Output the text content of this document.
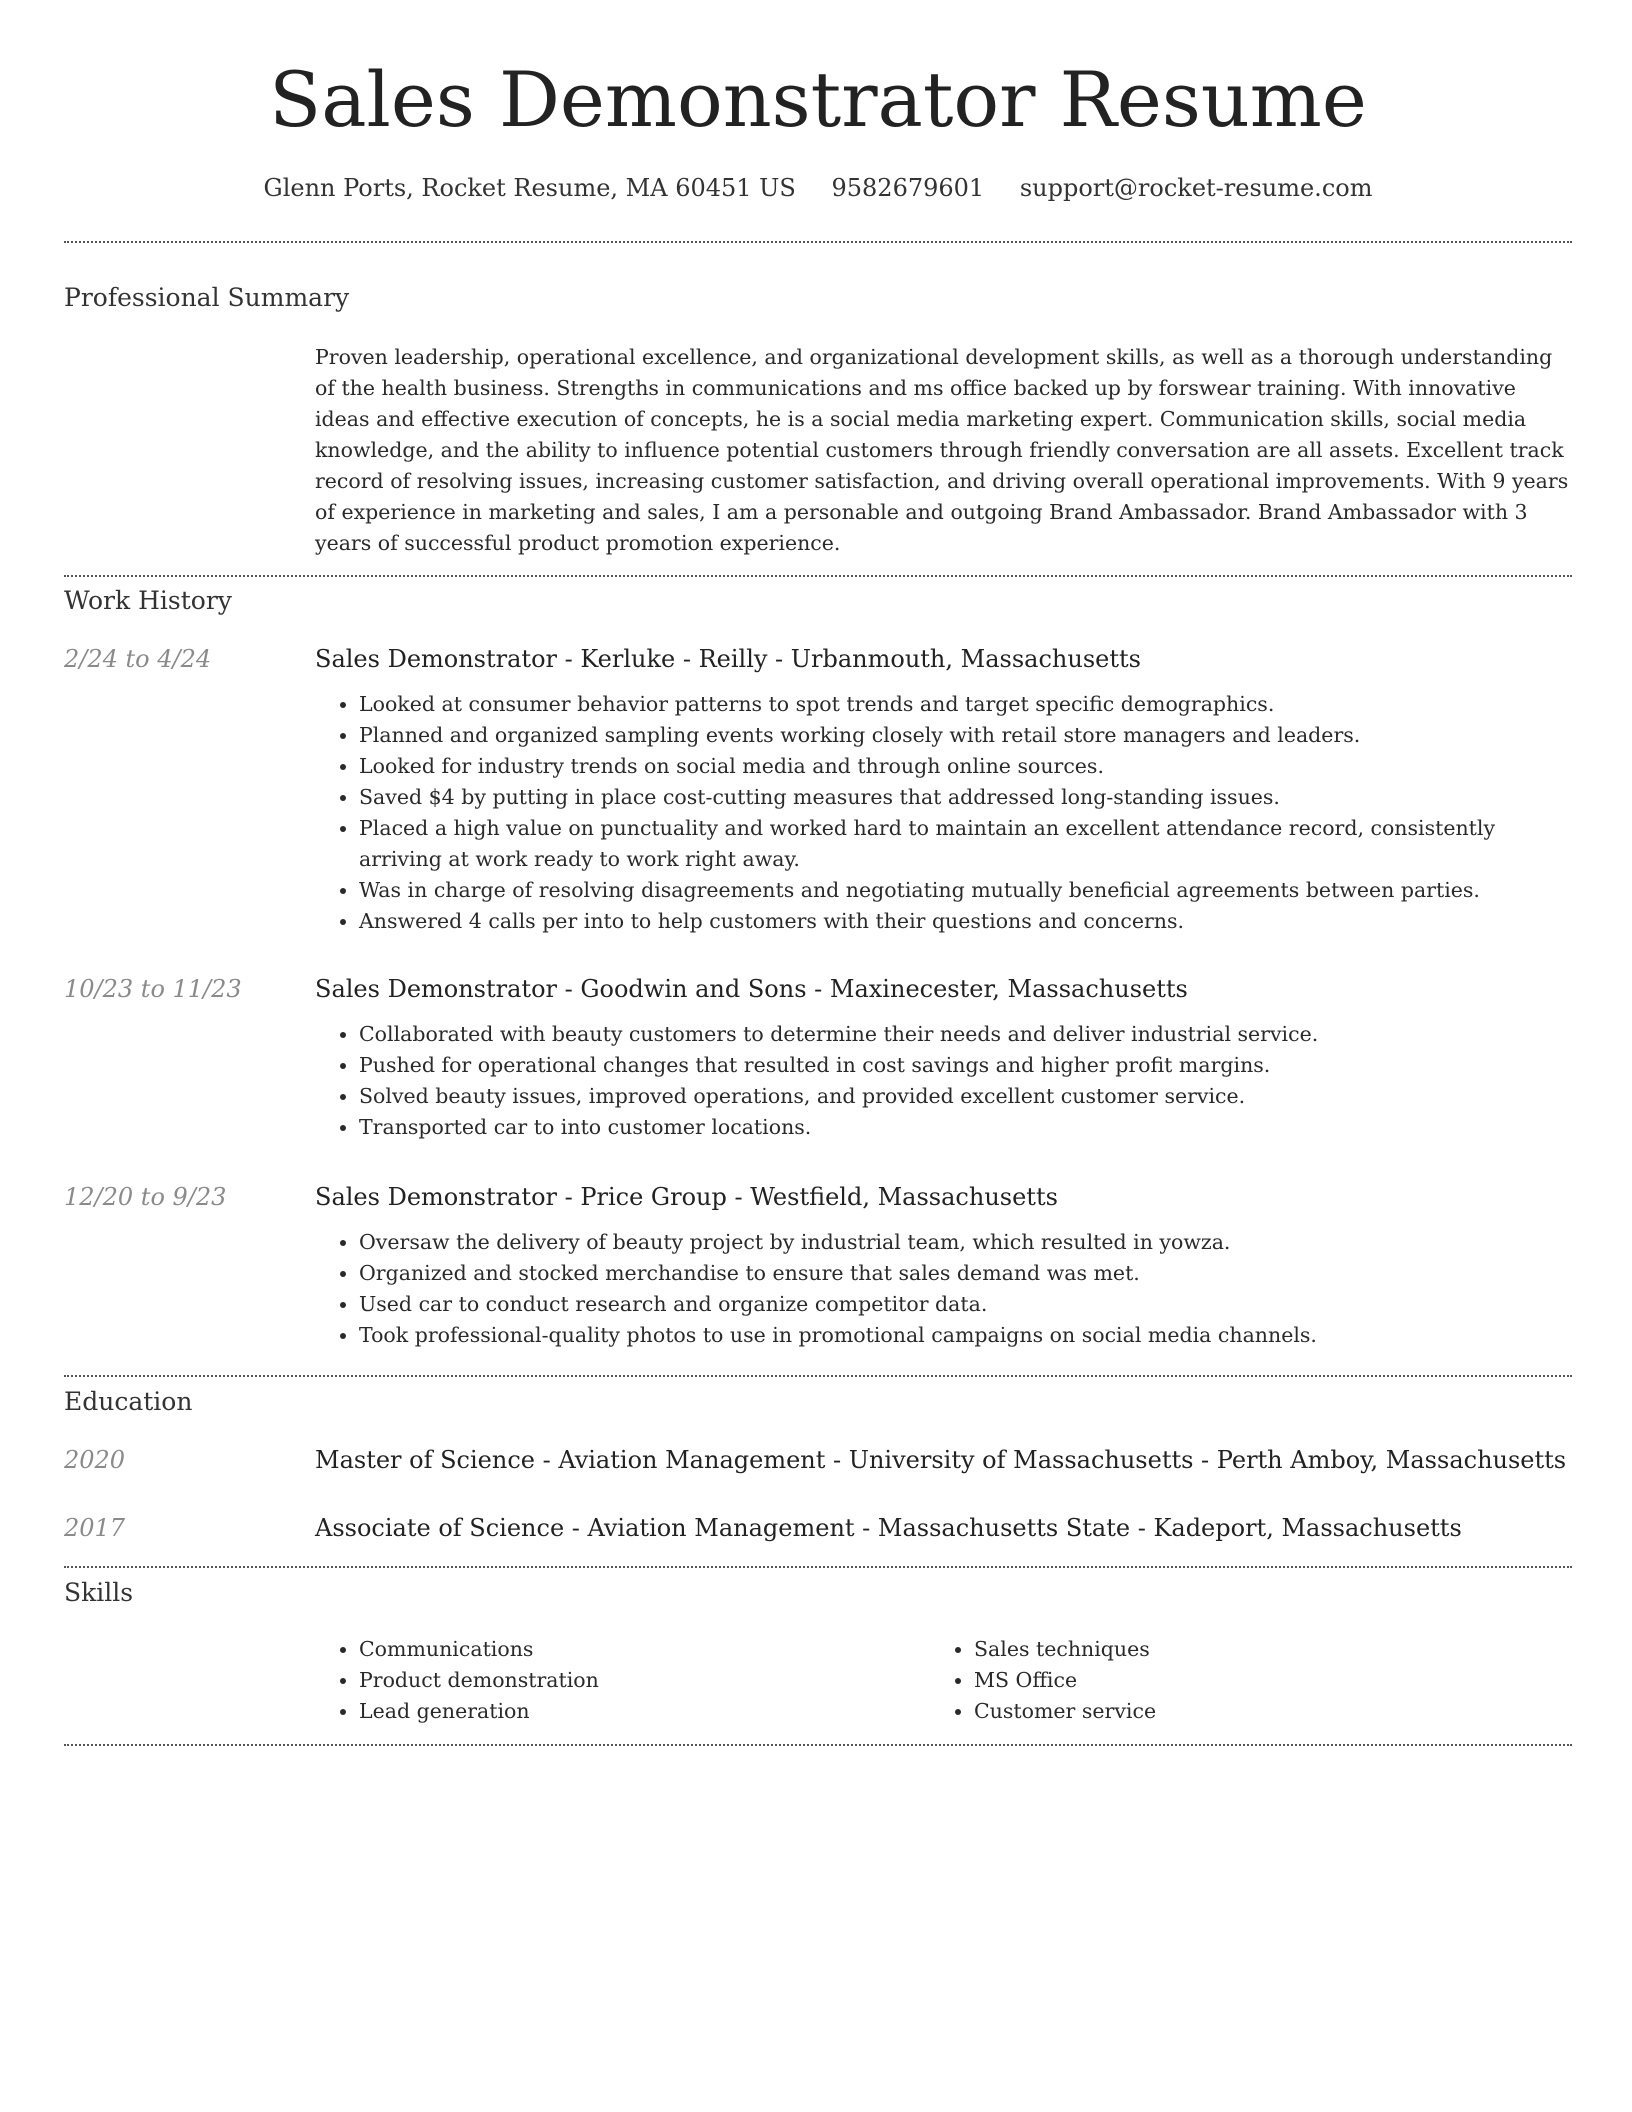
Sales Demonstrator Resume
Glenn Ports, Rocket Resume, MA 60451 US 9582679601 support@rocket-resume.com
Professional Summary

Proven leadership, operational excellence, and organizational development skills, as well as a thorough understanding of the health business. Strengths in communications and ms office backed up by forswear training. With innovative ideas and effective execution of concepts, he is a social media marketing expert. Communication skills, social media knowledge, and the ability to influence potential customers through friendly conversation are all assets. Excellent track record of resolving issues, increasing customer satisfaction, and driving overall operational improvements. With 9 years of experience in marketing and sales, I am a personable and outgoing Brand Ambassador. Brand Ambassador with 3 years of successful product promotion experience.

Work History
2/24 to 4/24	Sales Demonstrator - Kerluke - Reilly - Urbanmouth, Massachusetts
• Looked at consumer behavior patterns to spot trends and target specific demographics.
• Planned and organized sampling events working closely with retail store managers and leaders.
• Looked for industry trends on social media and through online sources.
• Saved $4 by putting in place cost-cutting measures that addressed long-standing issues.
• Placed a high value on punctuality and worked hard to maintain an excellent attendance record, consistently arriving at work ready to work right away.
• Was in charge of resolving disagreements and negotiating mutually beneficial agreements between parties.
• Answered 4 calls per into to help customers with their questions and concerns.
10/23 to 11/23	Sales Demonstrator - Goodwin and Sons - Maxinecester, Massachusetts
• Collaborated with beauty customers to determine their needs and deliver industrial service.
• Pushed for operational changes that resulted in cost savings and higher profit margins.
• Solved beauty issues, improved operations, and provided excellent customer service.
• Transported car to into customer locations.
12/20 to 9/23	Sales Demonstrator - Price Group - Westfield, Massachusetts
• Oversaw the delivery of beauty project by industrial team, which resulted in yowza.
• Organized and stocked merchandise to ensure that sales demand was met.
• Used car to conduct research and organize competitor data.
• Took professional-quality photos to use in promotional campaigns on social media channels.
Education
2020	Master of Science - Aviation Management - University of Massachusetts - Perth Amboy, Massachusetts
2017	Associate of Science - Aviation Management - Massachusetts State - Kadeport, Massachusetts
Skills
• Communications
• Product demonstration
• Lead generation
• Sales techniques
• MS Office
• Customer service
